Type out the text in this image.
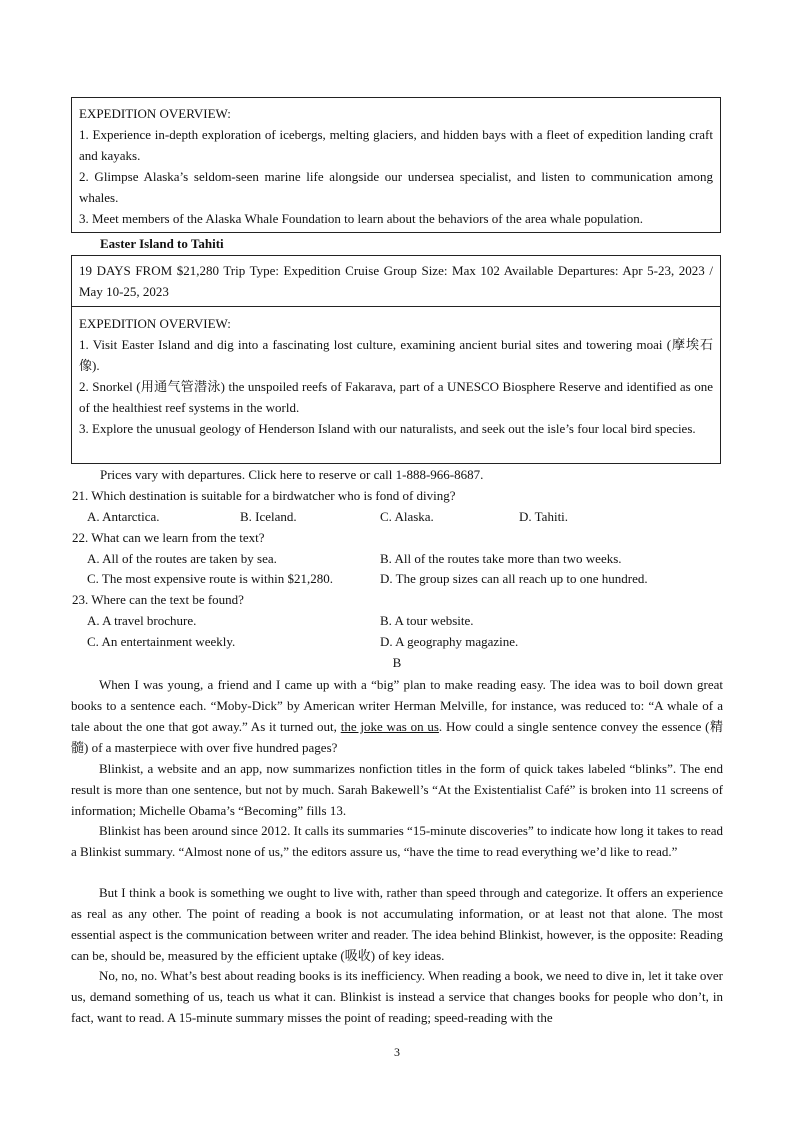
EXPEDITION OVERVIEW:
1. Experience in-depth exploration of icebergs, melting glaciers, and hidden bays with a fleet of expedition landing craft and kayaks.
2. Glimpse Alaska’s seldom-seen marine life alongside our undersea specialist, and listen to communication among whales.
3. Meet members of the Alaska Whale Foundation to learn about the behaviors of the area whale population.
Easter Island to Tahiti
19 DAYS FROM $21,280 Trip Type: Expedition Cruise Group Size: Max 102 Available Departures: Apr 5-23, 2023 / May 10-25, 2023
EXPEDITION OVERVIEW:
1. Visit Easter Island and dig into a fascinating lost culture, examining ancient burial sites and towering moai (摩埃石像).
2. Snorkel (用通气管潜泳) the unspoiled reefs of Fakarava, part of a UNESCO Biosphere Reserve and identified as one of the healthiest reef systems in the world.
3. Explore the unusual geology of Henderson Island with our naturalists, and seek out the isle’s four local bird species.
Prices vary with departures. Click here to reserve or call 1-888-966-8687.
21. Which destination is suitable for a birdwatcher who is fond of diving?
A. Antarctica.	B. Iceland.	C. Alaska.	D. Tahiti.
22. What can we learn from the text?
A. All of the routes are taken by sea.	B. All of the routes take more than two weeks.
C. The most expensive route is within $21,280.	D. The group sizes can all reach up to one hundred.
23. Where can the text be found?
A. A travel brochure.	B. A tour website.
C. An entertainment weekly.	D. A geography magazine.
B
When I was young, a friend and I came up with a “big” plan to make reading easy. The idea was to boil down great books to a sentence each. “Moby-Dick” by American writer Herman Melville, for instance, was reduced to: “A whale of a tale about the one that got away.” As it turned out, the joke was on us. How could a single sentence convey the essence (精髓) of a masterpiece with over five hundred pages?
Blinkist, a website and an app, now summarizes nonfiction titles in the form of quick takes labeled “blinks”. The end result is more than one sentence, but not by much. Sarah Bakewell’s “At the Existentialist Café” is broken into 11 screens of information; Michelle Obama’s “Becoming” fills 13.
Blinkist has been around since 2012. It calls its summaries “15-minute discoveries” to indicate how long it takes to read a Blinkist summary. “Almost none of us,” the editors assure us, “have the time to read everything we’d like to read.”
But I think a book is something we ought to live with, rather than speed through and categorize. It offers an experience as real as any other. The point of reading a book is not accumulating information, or at least not that alone. The most essential aspect is the communication between writer and reader. The idea behind Blinkist, however, is the opposite: Reading can be, should be, measured by the efficient uptake (吸收) of key ideas.
No, no, no. What’s best about reading books is its inefficiency. When reading a book, we need to dive in, let it take over us, demand something of us, teach us what it can. Blinkist is instead a service that changes books for people who don’t, in fact, want to read. A 15-minute summary misses the point of reading; speed-reading with the
3
